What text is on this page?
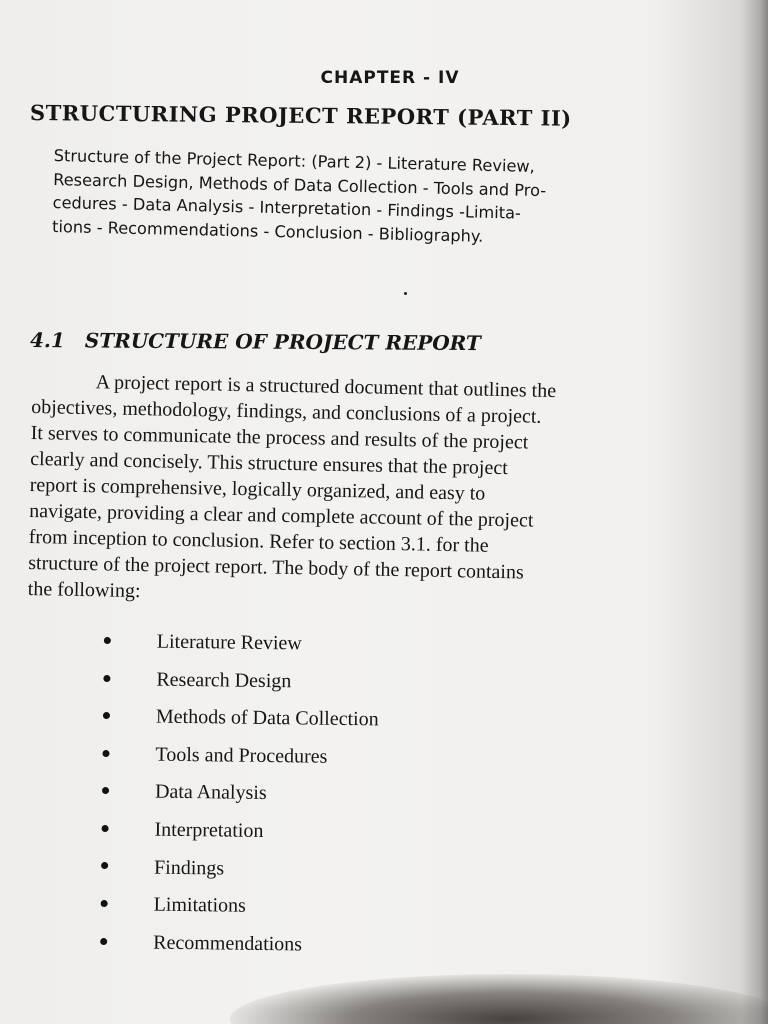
CHAPTER - IV
STRUCTURING PROJECT REPORT (PART II)
Structure of the Project Report: (Part 2) - Literature Review,
Research Design, Methods of Data Collection - Tools and Pro-
cedures - Data Analysis - Interpretation - Findings -Limita-
tions - Recommendations - Conclusion - Bibliography.
4.1 STRUCTURE OF PROJECT REPORT
A project report is a structured document that outlines the
objectives, methodology, findings, and conclusions of a project.
It serves to communicate the process and results of the project
clearly and concisely. This structure ensures that the project
report is comprehensive, logically organized, and easy to
navigate, providing a clear and complete account of the project
from inception to conclusion. Refer to section 3.1. for the
structure of the project report. The body of the report contains
the following:
Literature Review
Research Design
Methods of Data Collection
Tools and Procedures
Data Analysis
Interpretation
Findings
Limitations
Recommendations
